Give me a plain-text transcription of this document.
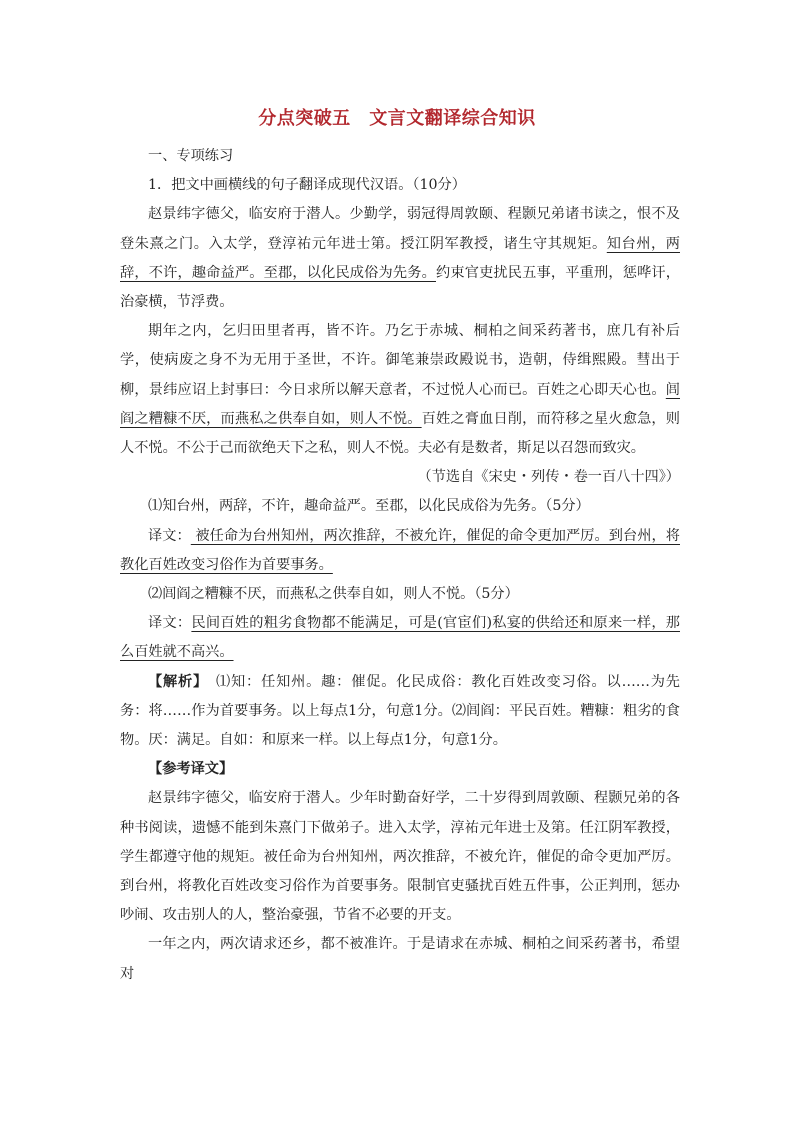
分点突破五　文言文翻译综合知识

一、专项练习

1．把文中画横线的句子翻译成现代汉语。（10分）

赵景纬字德父，临安府于潜人。少勤学，弱冠得周敦颐、程颢兄弟诸书读之，恨不及登朱熹之门。入太学，登淳祐元年进士第。授江阴军教授，诸生守其规矩。知台州，两辞，不许，趣命益严。至郡，以化民成俗为先务。约束官吏扰民五事，平重刑，惩哗讦，治豪横，节浮费。

期年之内，乞归田里者再，皆不许。乃乞于赤城、桐柏之间采药著书，庶几有补后学，使病废之身不为无用于圣世，不许。御笔兼崇政殿说书，造朝，侍缉熙殿。彗出于柳，景纬应诏上封事曰：今日求所以解天意者，不过悦人心而已。百姓之心即天心也。闾阎之糟糠不厌，而燕私之供奉自如，则人不悦。百姓之膏血日削，而符移之星火愈急，则人不悦。不公于己而欲绝天下之私，则人不悦。夫必有是数者，斯足以召怨而致灾。

（节选自《宋史・列传・卷一百八十四》）

⑴知台州，两辞，不许，趣命益严。至郡，以化民成俗为先务。（5分）

译文： 被任命为台州知州，两次推辞，不被允许，催促的命令更加严厉。到台州，将教化百姓改变习俗作为首要事务。

⑵闾阎之糟糠不厌，而燕私之供奉自如，则人不悦。（5分）

译文：民间百姓的粗劣食物都不能满足，可是(官宦们)私宴的供给还和原来一样，那么百姓就不高兴。

【解析】　⑴知：任知州。趣：催促。化民成俗：教化百姓改变习俗。以……为先务：将……作为首要事务。以上每点1分，句意1分。⑵闾阎：平民百姓。糟糠：粗劣的食物。厌：满足。自如：和原来一样。以上每点1分，句意1分。

【参考译文】

赵景纬字德父，临安府于潜人。少年时勤奋好学，二十岁得到周敦颐、程颢兄弟的各种书阅读，遗憾不能到朱熹门下做弟子。进入太学，淳祐元年进士及第。任江阴军教授，学生都遵守他的规矩。被任命为台州知州，两次推辞，不被允许，催促的命令更加严厉。到台州，将教化百姓改变习俗作为首要事务。限制官吏骚扰百姓五件事，公正判刑，惩办吵闹、攻击别人的人，整治豪强，节省不必要的开支。

一年之内，两次请求还乡，都不被准许。于是请求在赤城、桐柏之间采药著书，希望对
